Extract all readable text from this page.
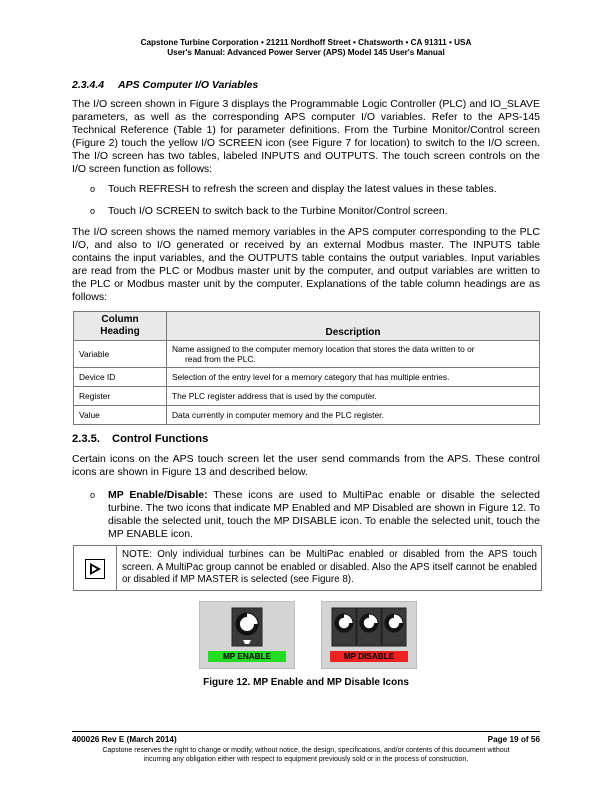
Capstone Turbine Corporation • 21211 Nordhoff Street • Chatsworth • CA 91311 • USA
User's Manual: Advanced Power Server (APS) Model 145 User's Manual
2.3.4.4 APS Computer I/O Variables

The I/O screen shown in Figure 3 displays the Programmable Logic Controller (PLC) and IO_SLAVE parameters, as well as the corresponding APS computer I/O variables. Refer to the APS-145 Technical Reference (Table 1) for parameter definitions. From the Turbine Monitor/Control screen (Figure 2) touch the yellow I/O SCREEN icon (see Figure 7 for location) to switch to the I/O screen. The I/O screen has two tables, labeled INPUTS and OUTPUTS. The touch screen controls on the I/O screen function as follows:

o Touch REFRESH to refresh the screen and display the latest values in these tables.
o Touch I/O SCREEN to switch back to the Turbine Monitor/Control screen.

The I/O screen shows the named memory variables in the APS computer corresponding to the PLC I/O, and also to I/O generated or received by an external Modbus master. The INPUTS table contains the input variables, and the OUTPUTS table contains the output variables. Input variables are read from the PLC or Modbus master unit by the computer, and output variables are written to the PLC or Modbus master unit by the computer. Explanations of the table column headings are as follows:

Column
Heading	Description
Variable	Name assigned to the computer memory location that stores the data written to or
read from the PLC.

Device ID	Selection of the entry level for a memory category that has multiple entries.
Register	The PLC register address that is used by the computer.
Value	Data currently in computer memory and the PLC register.
2.3.5. Control Functions

Certain icons on the APS touch screen let the user send commands from the APS. These control icons are shown in Figure 13 and described below.

o MP Enable/Disable: These icons are used to MultiPac enable or disable the selected turbine. The two icons that indicate MP Enabled and MP Disabled are shown in Figure 12. To disable the selected unit, touch the MP DISABLE icon. To enable the selected unit, touch the MP ENABLE icon.
NOTE: Only individual turbines can be MultiPac enabled or disabled from the APS touch screen. A MultiPac group cannot be enabled or disabled. Also the APS itself cannot be enabled or disabled if MP MASTER is selected (see Figure 8).
MP ENABLE	MP DISABLE
Figure 12. MP Enable and MP Disable Icons
400026 Rev E (March 2014)	Page 19 of 56
Capstone reserves the right to change or modify, without notice, the design, specifications, and/or contents of this document without
incurring any obligation either with respect to equipment previously sold or in the process of construction.
